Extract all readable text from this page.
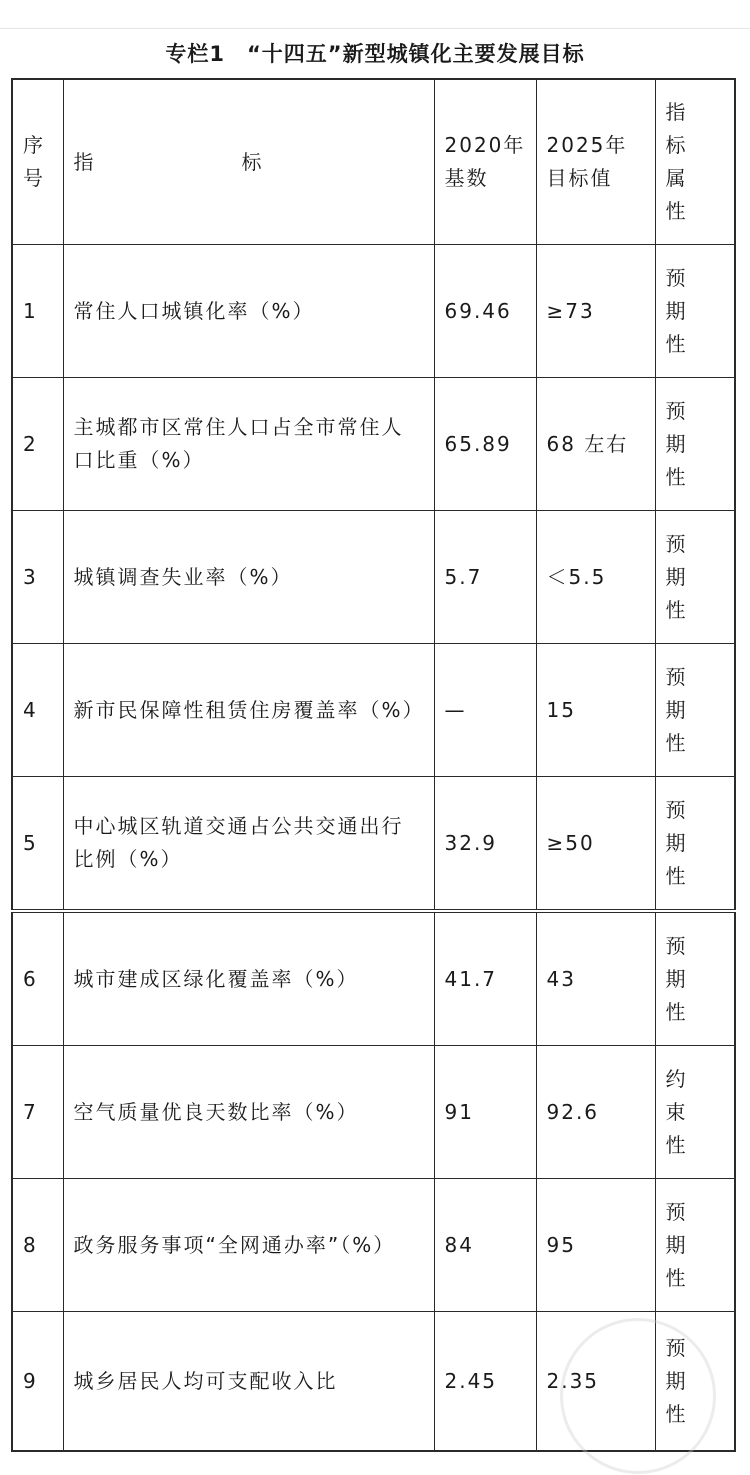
专栏1　“十四五”新型城镇化主要发展目标
序号	指 标	2020年基数	2025年目标值	指标属性

1	常住人口城镇化率（%）	69.46	≥73	预期性

2	主城都市区常住人口占全市常住人口比重（%）	65.89	68 左右	预期性

3	城镇调查失业率（%）	5.7	＜5.5	预期性

4	新市民保障性租赁住房覆盖率（%）	—	15	预期性

5	中心城区轨道交通占公共交通出行比例（%）	32.9	≥50	预期性

6	城市建成区绿化覆盖率（%）	41.7	43	预期性

7	空气质量优良天数比率（%）	91	92.6	约束性

8	政务服务事项“全网通办率”（%）	84	95	预期性

9	城乡居民人均可支配收入比	2.45	2.35	预期性
